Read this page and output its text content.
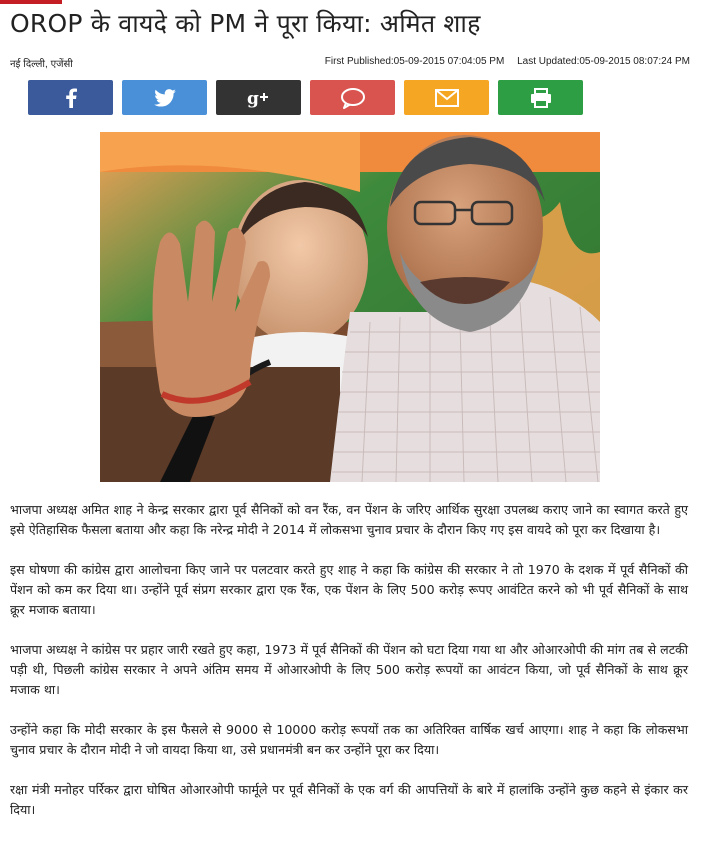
OROP के वायदे को PM ने पूरा किया: अमित शाह
नई दिल्ली, एजेंसी	First Published:05-09-2015 07:04:05 PM Last Updated:05-09-2015 08:07:24 PM
g

भाजपा अध्यक्ष अमित शाह ने केन्द्र सरकार द्वारा पूर्व सैनिकों को वन रैंक, वन पेंशन के जरिए आर्थिक सुरक्षा उपलब्ध कराए जाने का स्वागत करते हुए इसे ऐतिहासिक फैसला बताया और कहा कि नरेन्द्र मोदी ने 2014 में लोकसभा चुनाव प्रचार के दौरान किए गए इस वायदे को पूरा कर दिखाया है।

इस घोषणा की कांग्रेस द्वारा आलोचना किए जाने पर पलटवार करते हुए शाह ने कहा कि कांग्रेस की सरकार ने तो 1970 के दशक में पूर्व सैनिकों की पेंशन को कम कर दिया था। उन्होंने पूर्व संप्रग सरकार द्वारा एक रैंक, एक पेंशन के लिए 500 करोड़ रूपए आवंटित करने को भी पूर्व सैनिकों के साथ क्रूर मजाक बताया।

भाजपा अध्यक्ष ने कांग्रेस पर प्रहार जारी रखते हुए कहा, 1973 में पूर्व सैनिकों की पेंशन को घटा दिया गया था और ओआरओपी की मांग तब से लटकी पड़ी थी, पिछली कांग्रेस सरकार ने अपने अंतिम समय में ओआरओपी के लिए 500 करोड़ रूपयों का आवंटन किया, जो पूर्व सैनिकों के साथ क्रूर मजाक था।

उन्होंने कहा कि मोदी सरकार के इस फैसले से 9000 से 10000 करोड़ रूपयों तक का अतिरिक्त वार्षिक खर्च आएगा। शाह ने कहा कि लोकसभा चुनाव प्रचार के दौरान मोदी ने जो वायदा किया था, उसे प्रधानमंत्री बन कर उन्होंने पूरा कर दिया।

रक्षा मंत्री मनोहर पर्रिकर द्वारा घोषित ओआरओपी फार्मूले पर पूर्व सैनिकों के एक वर्ग की आपत्तियों के बारे में हालांकि उन्होंने कुछ कहने से इंकार कर दिया।
